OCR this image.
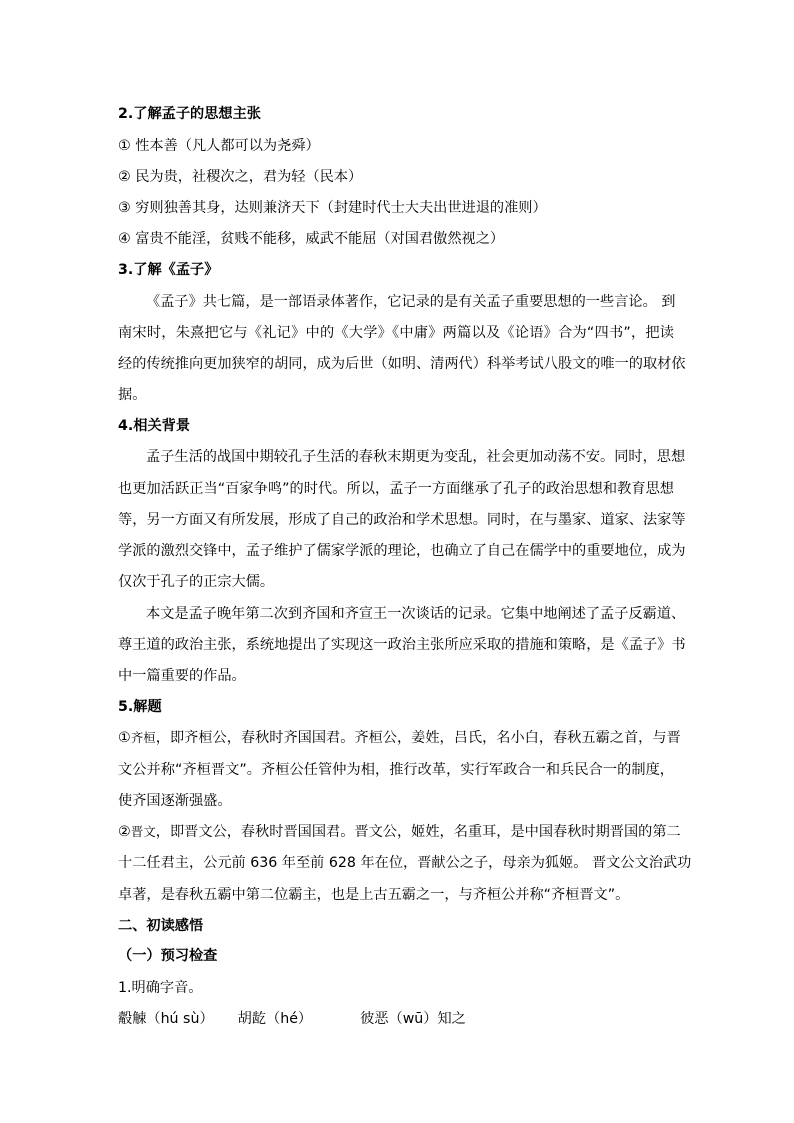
2.了解孟子的思想主张
① 性本善（凡人都可以为尧舜）
② 民为贵，社稷次之，君为轻（民本）
③ 穷则独善其身，达则兼济天下（封建时代士大夫出世进退的准则）
④ 富贵不能淫，贫贱不能移，威武不能屈（对国君傲然视之）
3.了解《孟子》
《孟子》共七篇，是一部语录体著作，它记录的是有关孟子重要思想的一些言论。 到
南宋时，朱熹把它与《礼记》中的《大学》《中庸》两篇以及《论语》合为“四书”，把读
经的传统推向更加狭窄的胡同，成为后世（如明、清两代）科举考试八股文的唯一的取材依
据。
4.相关背景
孟子生活的战国中期较孔子生活的春秋末期更为变乱，社会更加动荡不安。同时，思想
也更加活跃正当“百家争鸣”的时代。所以，孟子一方面继承了孔子的政治思想和教育思想
等，另一方面又有所发展，形成了自己的政治和学术思想。同时，在与墨家、道家、法家等
学派的激烈交锋中，孟子维护了儒家学派的理论，也确立了自己在儒学中的重要地位，成为
仅次于孔子的正宗大儒。
本文是孟子晚年第二次到齐国和齐宣王一次谈话的记录。它集中地阐述了孟子反霸道、
尊王道的政治主张，系统地提出了实现这一政治主张所应采取的措施和策略，是《孟子》书
中一篇重要的作品。
5.解题
①齐桓，即齐桓公，春秋时齐国国君。齐桓公，姜姓，吕氏，名小白，春秋五霸之首，与晋
文公并称“齐桓晋文”。齐桓公任管仲为相，推行改革，实行军政合一和兵民合一的制度，
使齐国逐渐强盛。
②晋文，即晋文公，春秋时晋国国君。晋文公，姬姓，名重耳，是中国春秋时期晋国的第二
十二任君主，公元前 636 年至前 628 年在位，晋献公之子，母亲为狐姬。 晋文公文治武功
卓著，是春秋五霸中第二位霸主，也是上古五霸之一，与齐桓公并称“齐桓晋文”。
二、初读感悟
（一）预习检查
1.明确字音。
觳觫（hú sù） 胡龁（hé）	彼恶（wū）知之
